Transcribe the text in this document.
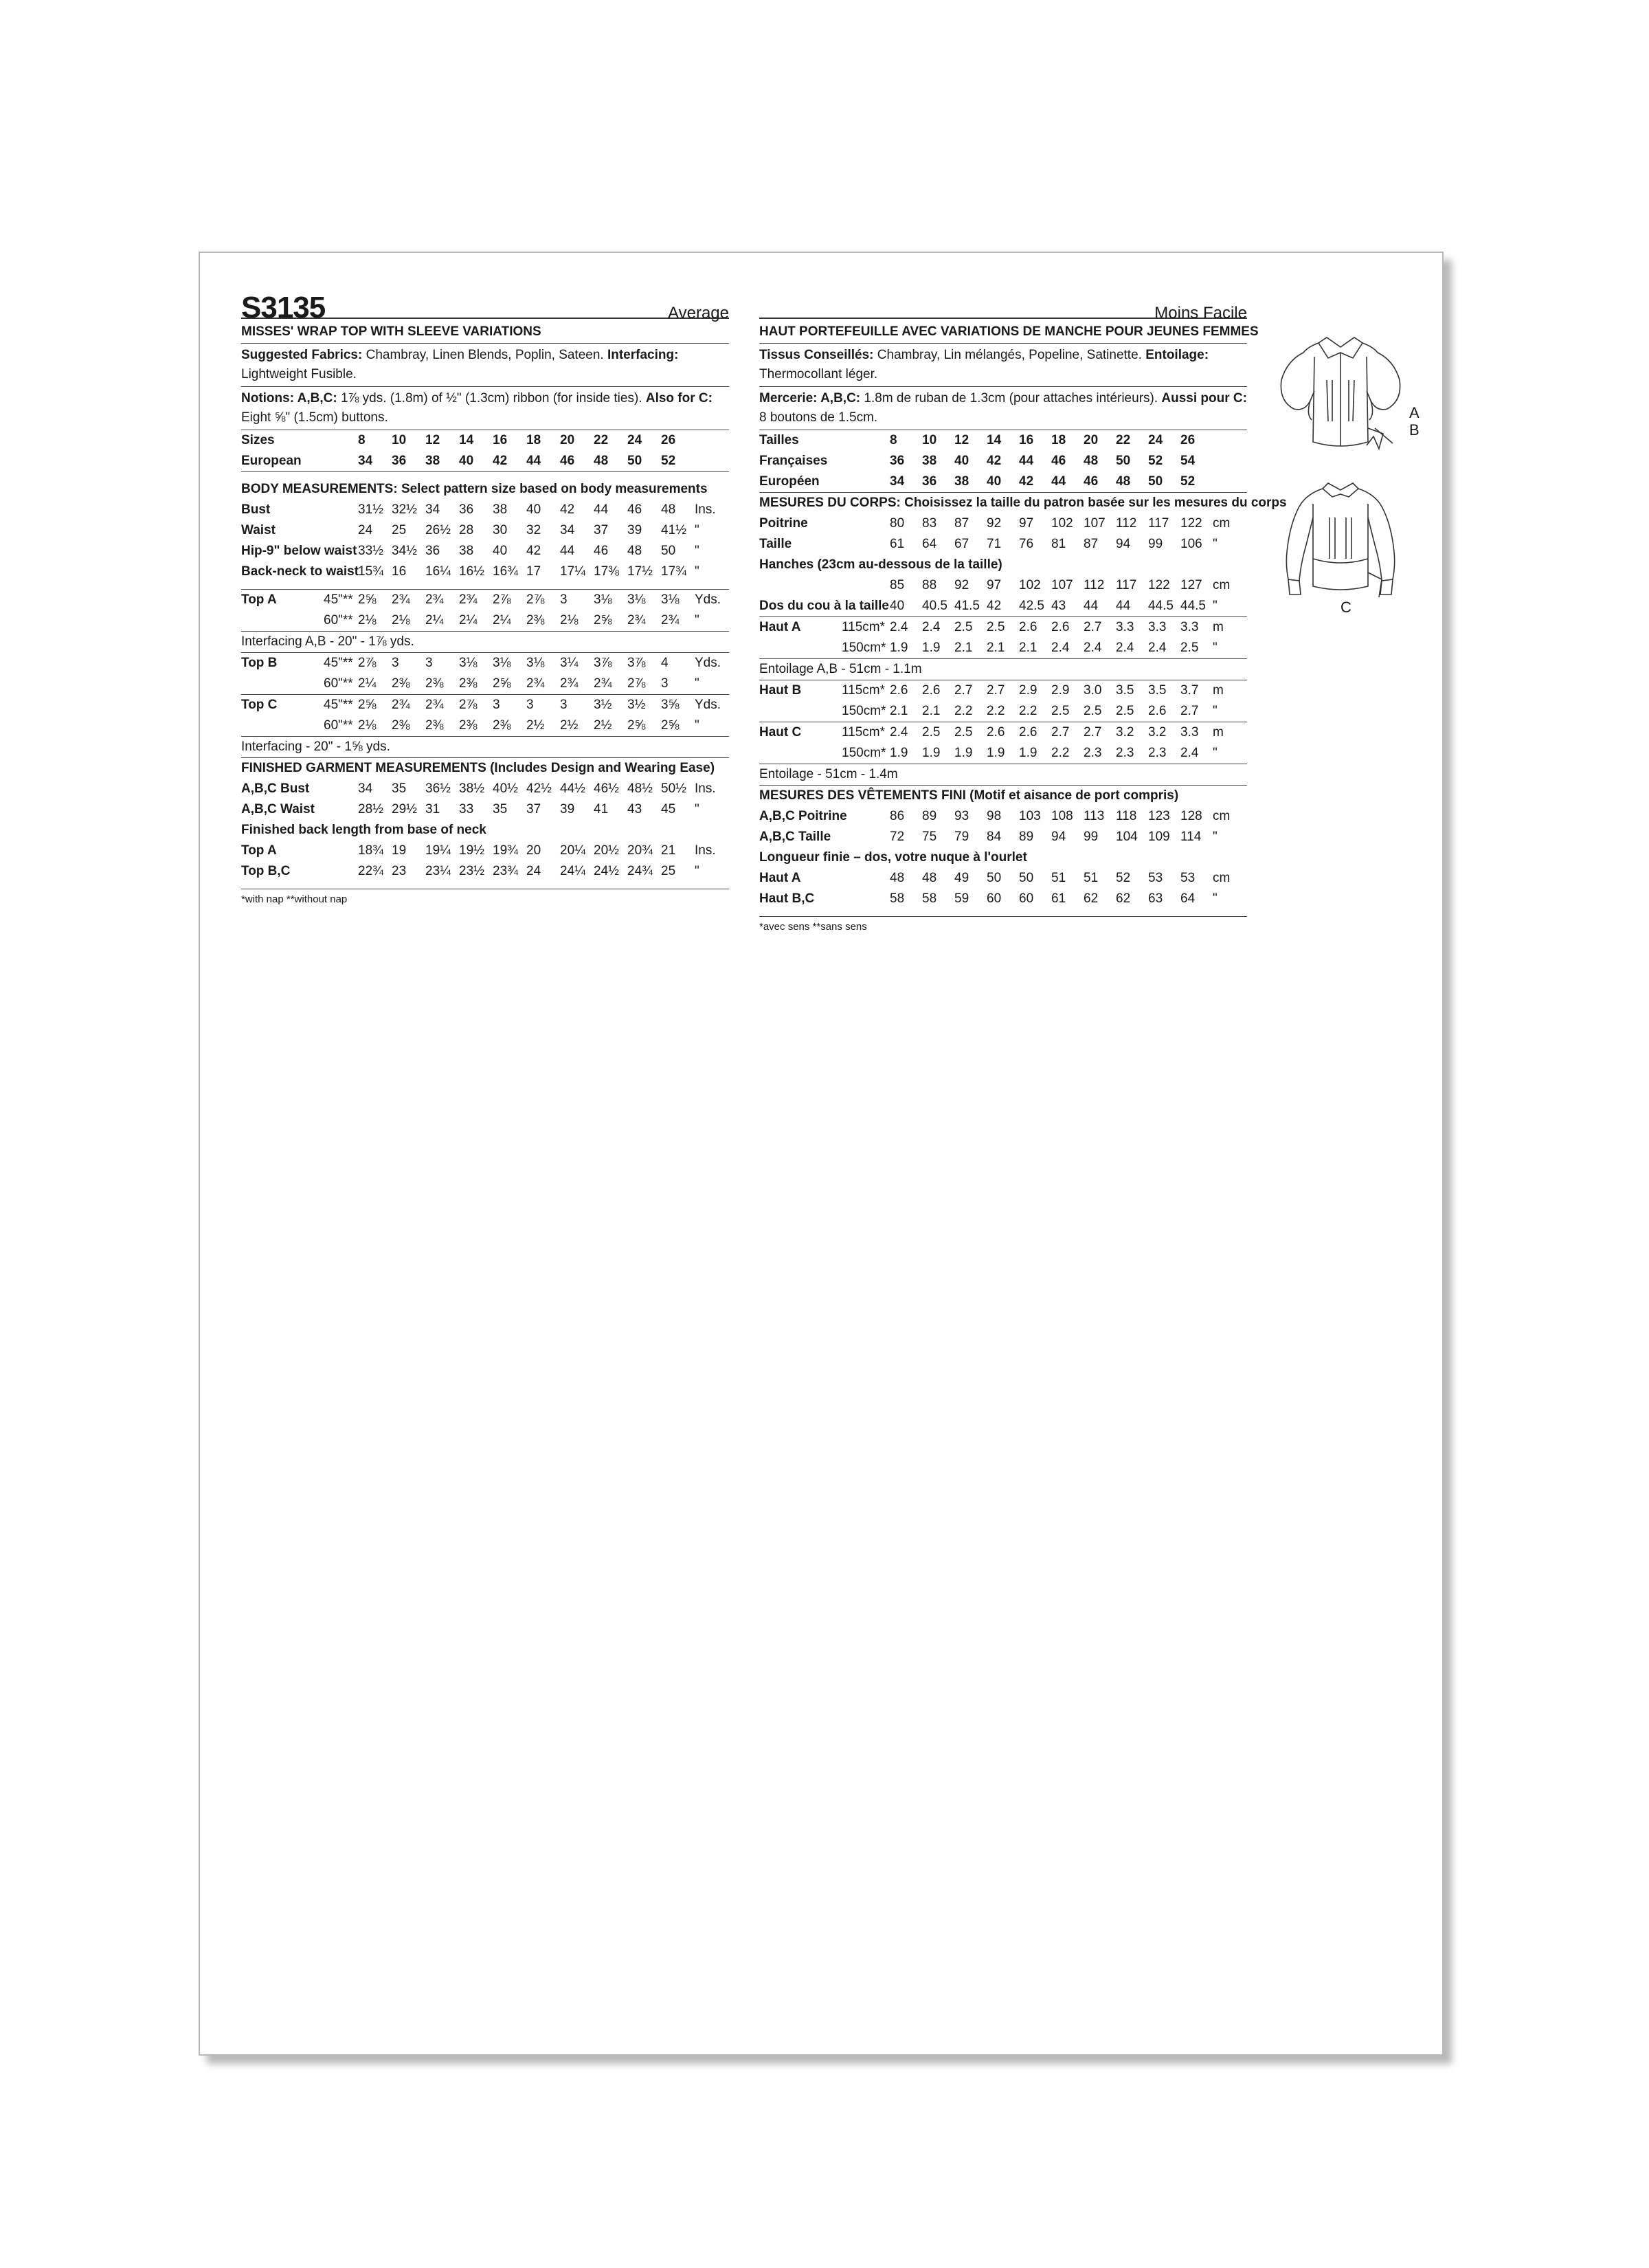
S3135	Average
MISSES' WRAP TOP WITH SLEEVE VARIATIONS
Suggested Fabrics: Chambray, Linen Blends, Poplin, Sateen. Interfacing: Lightweight Fusible.
Notions: A,B,C: 1⅞ yds. (1.8m) of ½" (1.3cm) ribbon (for inside ties). Also for C: Eight ⅝" (1.5cm) buttons.
Sizes		8	10	12	14	16	18	20	22	24	26	
European		34	36	38	40	42	44	46	48	50	52	

BODY MEASUREMENTS: Select pattern size based on body measurements												
Bust		31½	32½	34	36	38	40	42	44	46	48	Ins.
Waist		24	25	26½	28	30	32	34	37	39	41½	"
Hip-9" below waist		33½	34½	36	38	40	42	44	46	48	50	"
Back-neck to waist		15¾	16	16¼	16½	16¾	17	17¼	17⅜	17½	17¾	"

Top A	45"**	2⅝	2¾	2¾	2¾	2⅞	2⅞	3	3⅛	3⅛	3⅛	Yds.
	60"**	2⅛	2⅛	2¼	2¼	2¼	2⅜	2⅛	2⅝	2¾	2¾	"
Interfacing A,B - 20" - 1⅞ yds.												
Top B	45"**	2⅞	3	3	3⅛	3⅛	3⅛	3¼	3⅞	3⅞	4	Yds.
	60"**	2¼	2⅜	2⅜	2⅜	2⅝	2¾	2¾	2¾	2⅞	3	"
Top C	45"**	2⅝	2¾	2¾	2⅞	3	3	3	3½	3½	3⅝	Yds.
	60"**	2⅛	2⅜	2⅜	2⅜	2⅜	2½	2½	2½	2⅝	2⅝	"
Interfacing - 20" - 1⅝ yds.												
FINISHED GARMENT MEASUREMENTS (Includes Design and Wearing Ease)												
A,B,C Bust		34	35	36½	38½	40½	42½	44½	46½	48½	50½	Ins.
A,B,C Waist		28½	29½	31	33	35	37	39	41	43	45	"
Finished back length from base of neck												
Top A		18¾	19	19¼	19½	19¾	20	20¼	20½	20¾	21	Ins.
Top B,C		22¾	23	23¼	23½	23¾	24	24¼	24½	24¾	25	"

*with nap **without nap
Moins Facile
HAUT PORTEFEUILLE AVEC VARIATIONS DE MANCHE POUR JEUNES FEMMES
Tissus Conseillés: Chambray, Lin mélangés, Popeline, Satinette. Entoilage: Thermocollant léger.
Mercerie: A,B,C: 1.8m de ruban de 1.3cm (pour attaches intérieurs). Aussi pour C: 8 boutons de 1.5cm.
Tailles		8	10	12	14	16	18	20	22	24	26	
Françaises		36	38	40	42	44	46	48	50	52	54	
Européen		34	36	38	40	42	44	46	48	50	52	
MESURES DU CORPS: Choisissez la taille du patron basée sur les mesures du corps												
Poitrine		80	83	87	92	97	102	107	112	117	122	cm
Taille		61	64	67	71	76	81	87	94	99	106	"
Hanches (23cm au-dessous de la taille)												
		85	88	92	97	102	107	112	117	122	127	cm
Dos du cou à la taille		40	40.5	41.5	42	42.5	43	44	44	44.5	44.5	"
Haut A	115cm*	2.4	2.4	2.5	2.5	2.6	2.6	2.7	3.3	3.3	3.3	m
	150cm*	1.9	1.9	2.1	2.1	2.1	2.4	2.4	2.4	2.4	2.5	"
Entoilage A,B - 51cm - 1.1m												
Haut B	115cm*	2.6	2.6	2.7	2.7	2.9	2.9	3.0	3.5	3.5	3.7	m
	150cm*	2.1	2.1	2.2	2.2	2.2	2.5	2.5	2.5	2.6	2.7	"
Haut C	115cm*	2.4	2.5	2.5	2.6	2.6	2.7	2.7	3.2	3.2	3.3	m
	150cm*	1.9	1.9	1.9	1.9	1.9	2.2	2.3	2.3	2.3	2.4	"
Entoilage - 51cm - 1.4m												
MESURES DES VÊTEMENTS FINI (Motif et aisance de port compris)												
A,B,C Poitrine		86	89	93	98	103	108	113	118	123	128	cm
A,B,C Taille		72	75	79	84	89	94	99	104	109	114	"
Longueur finie – dos, votre nuque à l'ourlet												
Haut A		48	48	49	50	50	51	51	52	53	53	cm
Haut B,C		58	58	59	60	60	61	62	62	63	64	"

*avec sens **sans sens
A
B
C
